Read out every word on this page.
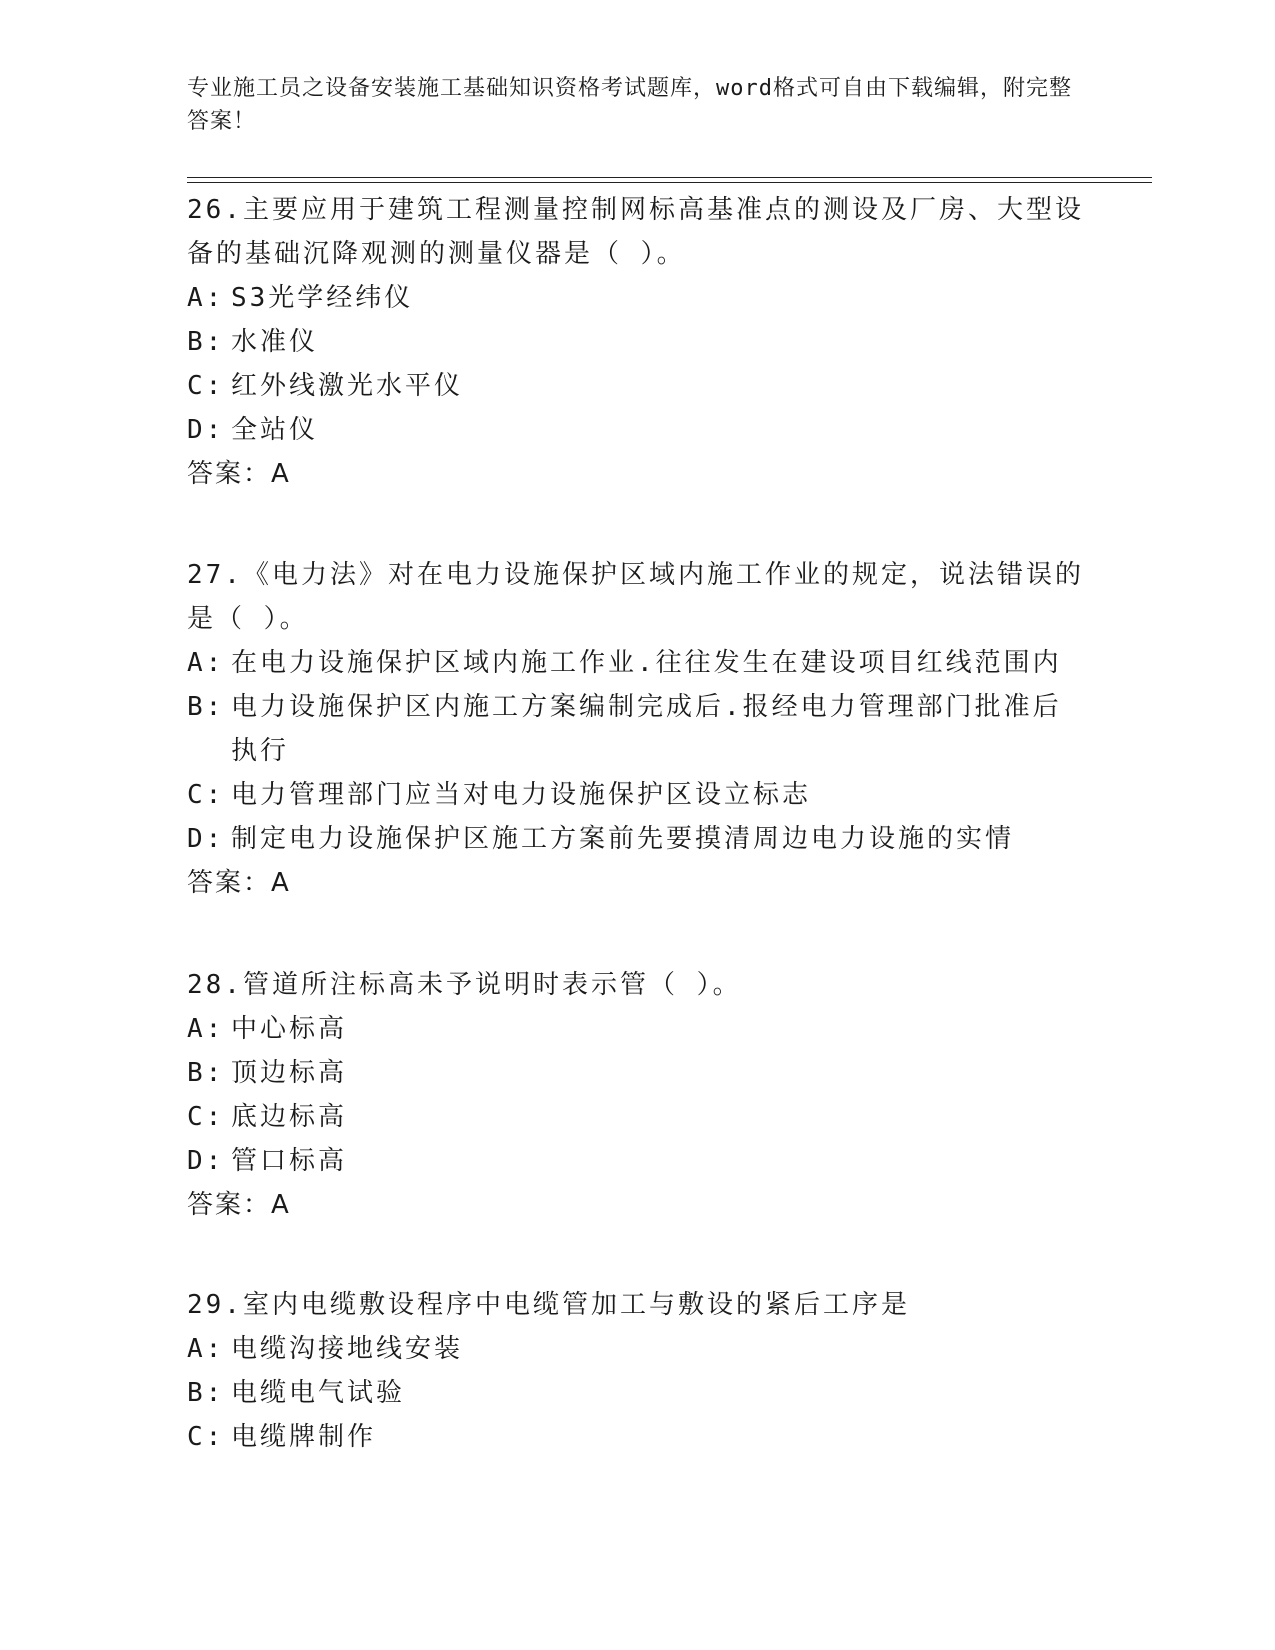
专业施工员之设备安装施工基础知识资格考试题库，word格式可自由下载编辑，附完整答案！

26.主要应用于建筑工程测量控制网标高基准点的测设及厂房、大型设备的基础沉降观测的测量仪器是（ ）。

A: S3光学经纬仪

B: 水准仪

C: 红外线激光水平仪

D: 全站仪

答案：A

27.《电力法》对在电力设施保护区域内施工作业的规定，说法错误的是（ ）。

A: 在电力设施保护区域内施工作业.往往发生在建设项目红线范围内

B: 电力设施保护区内施工方案编制完成后.报经电力管理部门批准后执行

C: 电力管理部门应当对电力设施保护区设立标志

D: 制定电力设施保护区施工方案前先要摸清周边电力设施的实情

答案：A

28.管道所注标高未予说明时表示管（ ）。

A: 中心标高

B: 顶边标高

C: 底边标高

D: 管口标高

答案：A

29.室内电缆敷设程序中电缆管加工与敷设的紧后工序是

A: 电缆沟接地线安装

B: 电缆电气试验

C: 电缆牌制作
